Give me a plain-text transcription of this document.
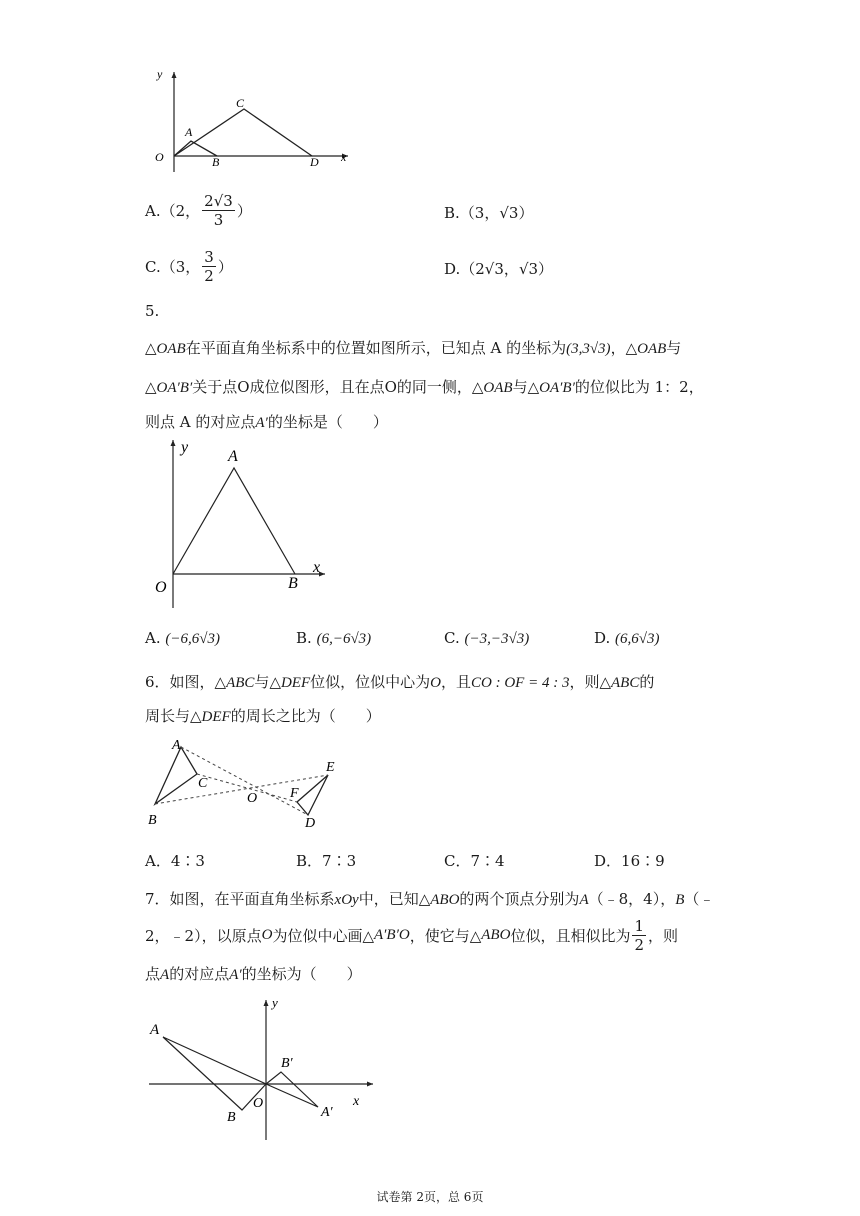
y
x
O
A
B
C
D
A.（2， $\frac{2√3}{3}$ ）	B.（3，√3）
C.（3， $\frac{3}{2}$ ）	D.（2√3，√3）
5.
△OAB在平面直角坐标系中的位置如图所示，已知点 A 的坐标为(3,3√3)，△OAB与
△OA′B′关于点O成位似图形，且在点O的同一侧，△OAB与△OA′B′的位似比为 1：2，
则点 A 的对应点A′的坐标是（　　）
y
A
x
O	B
A. (−6,6√3)	B. (6,−6√3)	C. (−3,−3√3)	D. (6,6√3)
6．如图，△ABC与△DEF位似，位似中心为O，且CO : OF = 4 : 3，则△ABC的
周长与△DEF的周长之比为（　　）
A
C
B
O
E
F
D
A．4∶3	B．7∶3	C．7∶4	D．16∶9
7．如图，在平面直角坐标系xOy中，已知△ABO的两个顶点分别为A（﹣8，4），B（﹣
2，﹣2），以原点O为位似中心画△A′B′O，使它与△ABO位似，且相似比为 $\frac{1}{2}$ ，则
点A的对应点A′的坐标为（　　）
y
A
B′
x
O
B	A′
试卷第 2页，总 6页
